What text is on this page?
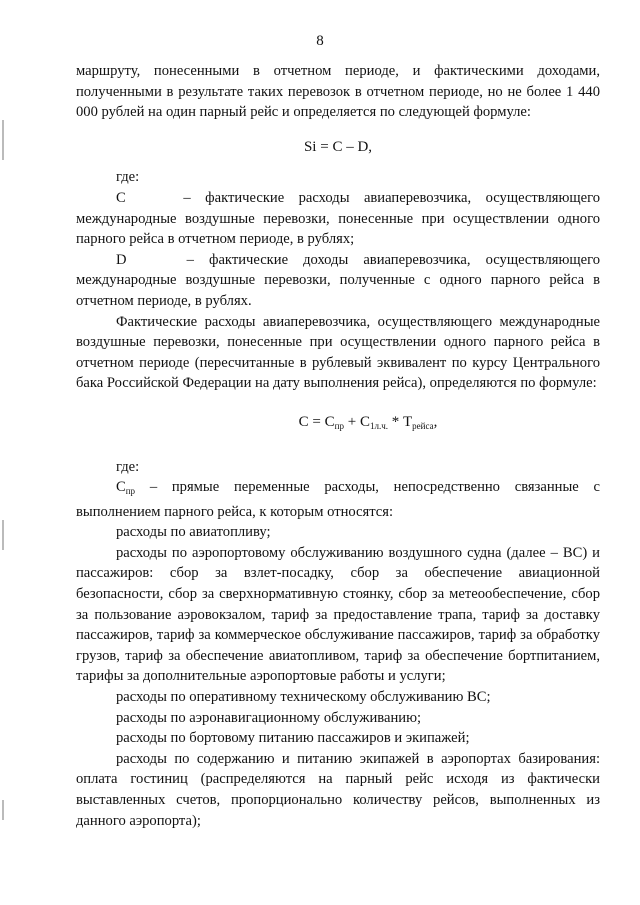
8

маршруту, понесенными в отчетном периоде, и фактическими доходами, полученными в результате таких перевозок в отчетном периоде, но не более 1 440 000 рублей на один парный рейс и определяется по следующей формуле:

Si = C – D,

где:

C	– фактические расходы авиаперевозчика, осуществляющего международные воздушные перевозки, понесенные при осуществлении одного парного рейса в отчетном периоде, в рублях;

D	– фактические доходы авиаперевозчика, осуществляющего международные воздушные перевозки, полученные с одного парного рейса в отчетном периоде, в рублях.

Фактические расходы авиаперевозчика, осуществляющего международные воздушные перевозки, понесенные при осуществлении одного парного рейса в отчетном периоде (пересчитанные в рублевый эквивалент по курсу Центрального бака Российской Федерации на дату выполнения рейса), определяются по формуле:

$C = C_{пр} + C_{1л.ч.} * T_{рейса}$,

где:

$C_{пр}$ – прямые переменные расходы, непосредственно связанные с выполнением парного рейса, к которым относятся:

расходы по авиатопливу;

расходы по аэропортовому обслуживанию воздушного судна (далее – ВС) и пассажиров: сбор за взлет-посадку, сбор за обеспечение авиационной безопасности, сбор за сверхнормативную стоянку, сбор за метеообеспечение, сбор за пользование аэровокзалом, тариф за предоставление трапа, тариф за доставку пассажиров, тариф за коммерческое обслуживание пассажиров, тариф за обработку грузов, тариф за обеспечение авиатопливом, тариф за обеспечение бортпитанием, тарифы за дополнительные аэропортовые работы и услуги;

расходы по оперативному техническому обслуживанию ВС;

расходы по аэронавигационному обслуживанию;

расходы по бортовому питанию пассажиров и экипажей;

расходы по содержанию и питанию экипажей в аэропортах базирования: оплата гостиниц (распределяются на парный рейс исходя из фактически выставленных счетов, пропорционально количеству рейсов, выполненных из данного аэропорта);
